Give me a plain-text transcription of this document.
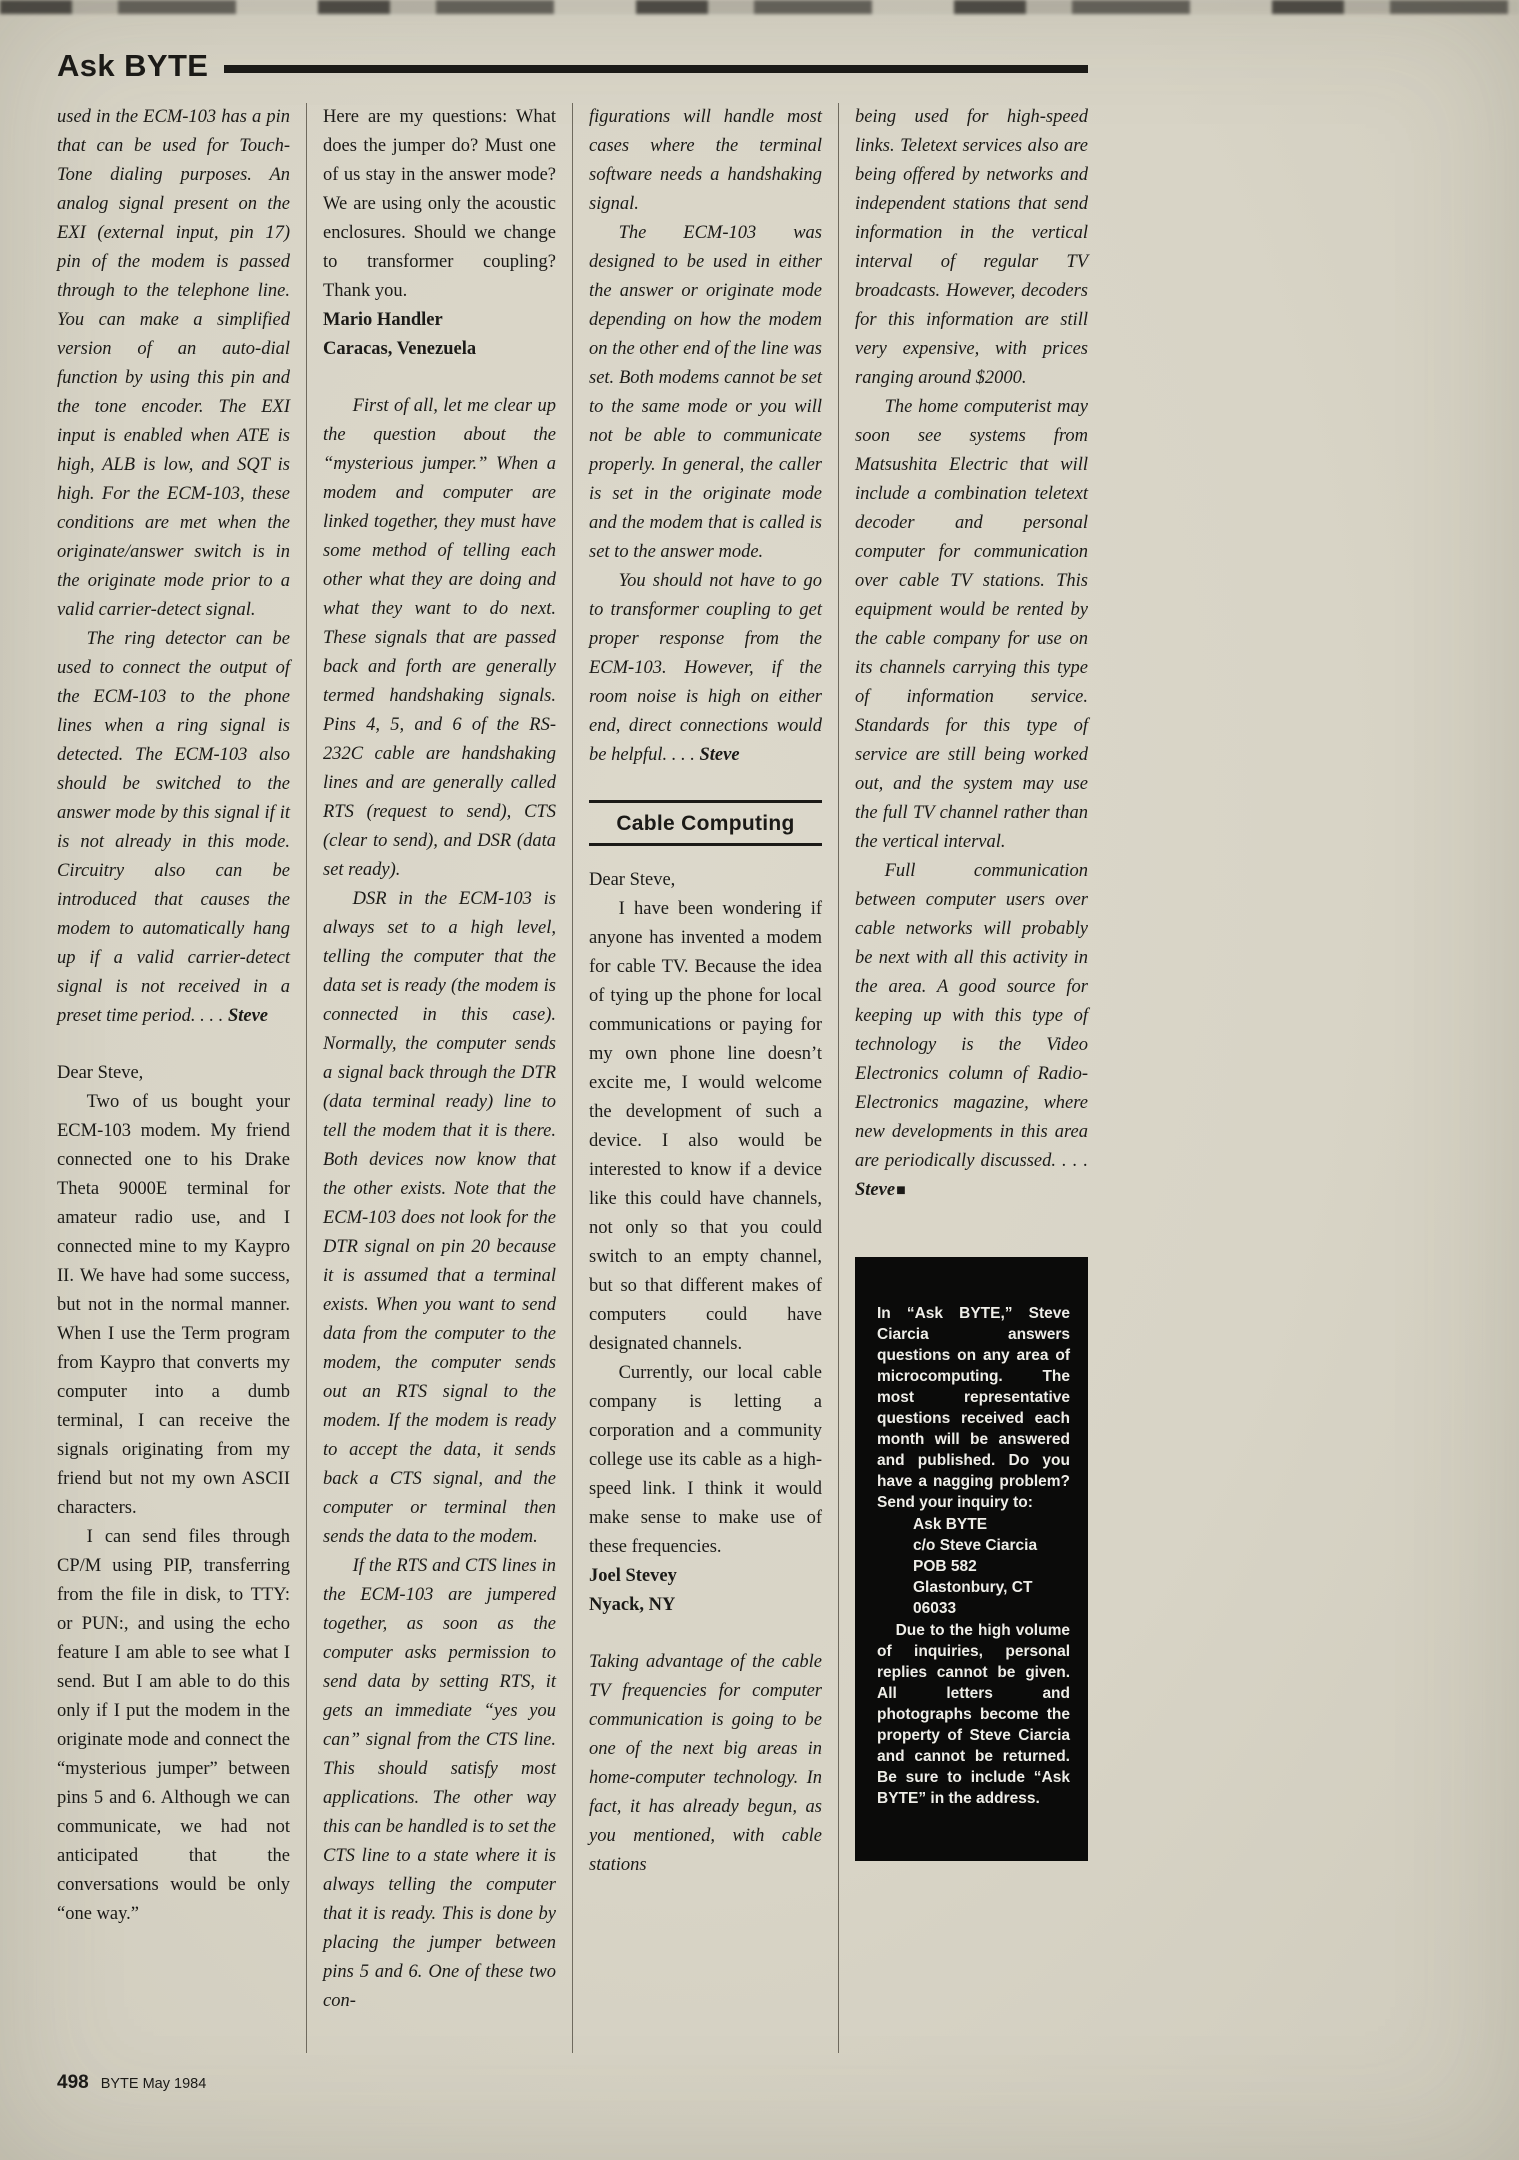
Ask BYTE

used in the ECM-103 has a pin that can be used for Touch-Tone dialing purposes. An analog signal present on the EXI (external input, pin 17) pin of the modem is passed through to the telephone line. You can make a simplified version of an auto-dial function by using this pin and the tone encoder. The EXI input is enabled when ATE is high, ALB is low, and SQT is high. For the ECM-103, these conditions are met when the originate/answer switch is in the originate mode prior to a valid carrier-detect signal.

The ring detector can be used to connect the output of the ECM-103 to the phone lines when a ring signal is detected. The ECM-103 also should be switched to the answer mode by this signal if it is not already in this mode. Circuitry also can be introduced that causes the modem to automatically hang up if a valid carrier-detect signal is not received in a preset time period. . . . Steve

Dear Steve,

Two of us bought your ECM-103 modem. My friend connected one to his Drake Theta 9000E terminal for amateur radio use, and I connected mine to my Kaypro II. We have had some success, but not in the normal manner. When I use the Term program from Kaypro that converts my computer into a dumb terminal, I can receive the signals originating from my friend but not my own ASCII characters.

I can send files through CP/M using PIP, transferring from the file in disk, to TTY: or PUN:, and using the echo feature I am able to see what I send. But I am able to do this only if I put the modem in the originate mode and connect the “mysterious jumper” between pins 5 and 6. Although we can communicate, we had not anticipated that the conversations would be only “one way.”

Here are my questions: What does the jumper do? Must one of us stay in the answer mode? We are using only the acoustic enclosures. Should we change to transformer coupling? Thank you.

Mario Handler

Caracas, Venezuela

First of all, let me clear up the question about the “mysterious jumper.” When a modem and computer are linked together, they must have some method of telling each other what they are doing and what they want to do next. These signals that are passed back and forth are generally termed handshaking signals. Pins 4, 5, and 6 of the RS-232C cable are handshaking lines and are generally called RTS (request to send), CTS (clear to send), and DSR (data set ready).

DSR in the ECM-103 is always set to a high level, telling the computer that the data set is ready (the modem is connected in this case). Normally, the computer sends a signal back through the DTR (data terminal ready) line to tell the modem that it is there. Both devices now know that the other exists. Note that the ECM-103 does not look for the DTR signal on pin 20 because it is assumed that a terminal exists. When you want to send data from the computer to the modem, the computer sends out an RTS signal to the modem. If the modem is ready to accept the data, it sends back a CTS signal, and the computer or terminal then sends the data to the modem.

If the RTS and CTS lines in the ECM-103 are jumpered together, as soon as the computer asks permission to send data by setting RTS, it gets an immediate “yes you can” signal from the CTS line. This should satisfy most applications. The other way this can be handled is to set the CTS line to a state where it is always telling the computer that it is ready. This is done by placing the jumper between pins 5 and 6. One of these two con-

figurations will handle most cases where the terminal software needs a handshaking signal.

The ECM-103 was designed to be used in either the answer or originate mode depending on how the modem on the other end of the line was set. Both modems cannot be set to the same mode or you will not be able to communicate properly. In general, the caller is set in the originate mode and the modem that is called is set to the answer mode.

You should not have to go to transformer coupling to get proper response from the ECM-103. However, if the room noise is high on either end, direct connections would be helpful. . . . Steve

Cable Computing

Dear Steve,

I have been wondering if anyone has invented a modem for cable TV. Because the idea of tying up the phone for local communications or paying for my own phone line doesn’t excite me, I would welcome the development of such a device. I also would be interested to know if a device like this could have channels, not only so that you could switch to an empty channel, but so that different makes of computers could have designated channels.

Currently, our local cable company is letting a corporation and a community college use its cable as a high-speed link. I think it would make sense to make use of these frequencies.

Joel Stevey

Nyack, NY

Taking advantage of the cable TV frequencies for computer communication is going to be one of the next big areas in home-computer technology. In fact, it has already begun, as you mentioned, with cable stations

being used for high-speed links. Teletext services also are being offered by networks and independent stations that send information in the vertical interval of regular TV broadcasts. However, decoders for this information are still very expensive, with prices ranging around $2000.

The home computerist may soon see systems from Matsushita Electric that will include a combination teletext decoder and personal computer for communication over cable TV stations. This equipment would be rented by the cable company for use on its channels carrying this type of information service. Standards for this type of service are still being worked out, and the system may use the full TV channel rather than the vertical interval.

Full communication between computer users over cable networks will probably be next with all this activity in the area. A good source for keeping up with this type of technology is the Video Electronics column of Radio-Electronics magazine, where new developments in this area are periodically discussed. . . . Steve■

In “Ask BYTE,” Steve Ciarcia answers questions on any area of microcomputing. The most representative questions received each month will be answered and published. Do you have a nagging problem? Send your inquiry to:

Ask BYTE
c/o Steve Ciarcia
POB 582
Glastonbury, CT
06033

Due to the high volume of inquiries, personal replies cannot be given. All letters and photographs become the property of Steve Ciarcia and cannot be returned. Be sure to include “Ask BYTE” in the address.

498 BYTE May 1984
